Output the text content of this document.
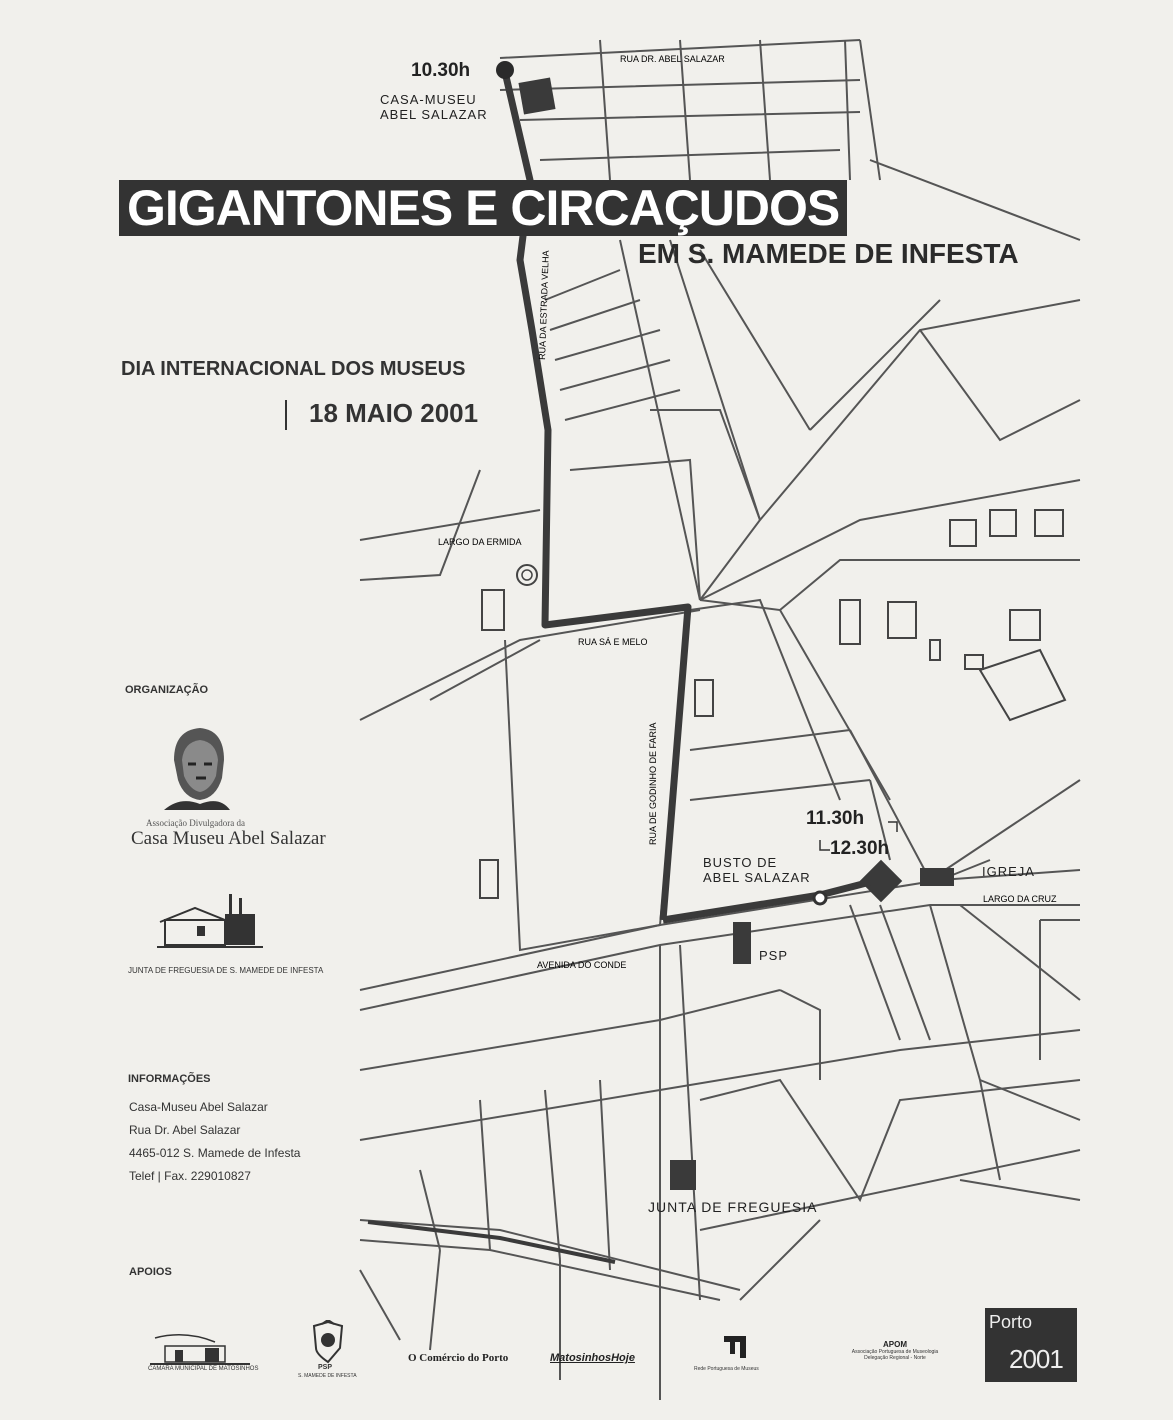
RUA DR. ABEL SALAZAR
RUA DA ESTRADA VELHA
LARGO DA ERMIDA
RUA SÁ E MELO
RUA DE GODINHO DE FARIA
AVENIDA DO CONDE
LARGO DA CRUZ
10.30h
CASA-MUSEU
ABEL SALAZAR
11.30h
12.30h
BUSTO DE
ABEL SALAZAR	IGREJA
PSP
JUNTA DE FREGUESIA
GIGANTONES E CIRCAÇUDOS
EM S. MAMEDE DE INFESTA
DIA INTERNACIONAL DOS MUSEUS
18 MAIO 2001
ORGANIZAÇÃO
Associação Divulgadora da
Casa Museu Abel Salazar
JUNTA DE FREGUESIA DE S. MAMEDE DE INFESTA
INFORMAÇÕES
Casa-Museu Abel Salazar
Rua Dr. Abel Salazar
4465-012 S. Mamede de Infesta
Telef | Fax. 229010827
APOIOS
CAMARA MUNICIPAL DE MATOSINHOS	PSP
S. MAMEDE DE INFESTA
O Comércio do Porto	MatosinhosHoje
Rede Portuguesa de Museus
APOM
Associação Portuguesa de Museologia
Delegação Regional - Norte
Porto
2001
